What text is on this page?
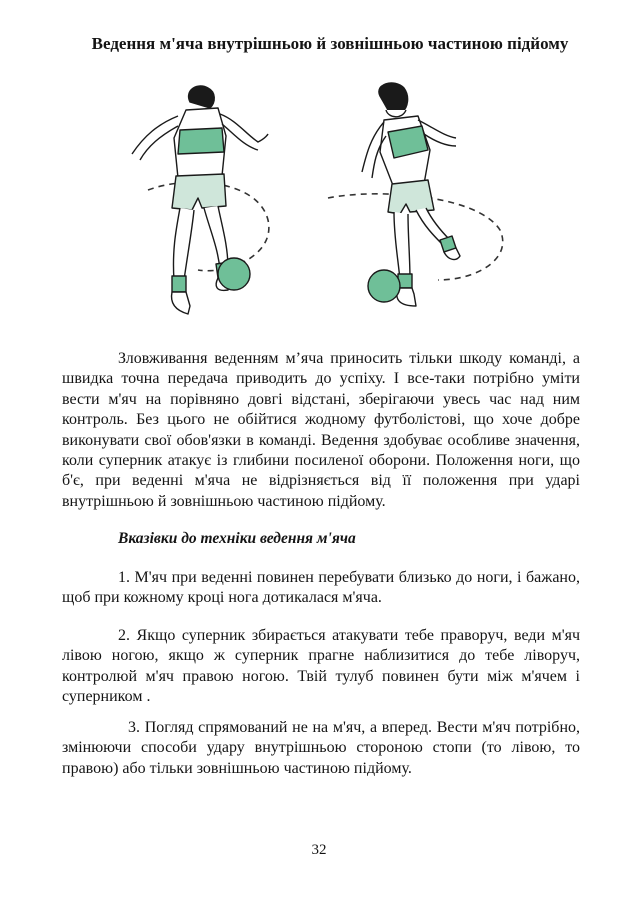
Ведення м'яча внутрішньою й зовнішньою частиною підйому

Зловживання веденням м’яча приносить тільки шкоду команді, а швидка точна передача приводить до успіху. І все-таки потрібно уміти вести м'яч на порівняно довгі відстані, зберігаючи увесь час над ним контроль. Без цього не обійтися жодному футболістові, що хоче добре виконувати свої обов'язки в команді. Ведення здобуває особливе значення, коли суперник атакує із глибини посиленої оборони. Положення ноги, що б'є, при веденні м'яча не відрізняється від її положення при ударі внутрішньою й зовнішньою частиною підйому.

Вказівки до техніки ведення м'яча

1. М'яч при веденні повинен перебувати близько до ноги, і бажано, щоб при кожному кроці нога дотикалася м'яча.

2. Якщо суперник збирається атакувати тебе праворуч, веди м'яч лівою ногою, якщо ж суперник прагне наблизитися до тебе ліворуч, контролюй м'яч правою ногою. Твій тулуб повинен бути між м'ячем і суперником .

3. Погляд спрямований не на м'яч, а вперед. Вести м'яч потрібно, змінюючи способи удару внутрішньою стороною стопи (то лівою, то правою) або тільки зовнішньою частиною підйому.

32
